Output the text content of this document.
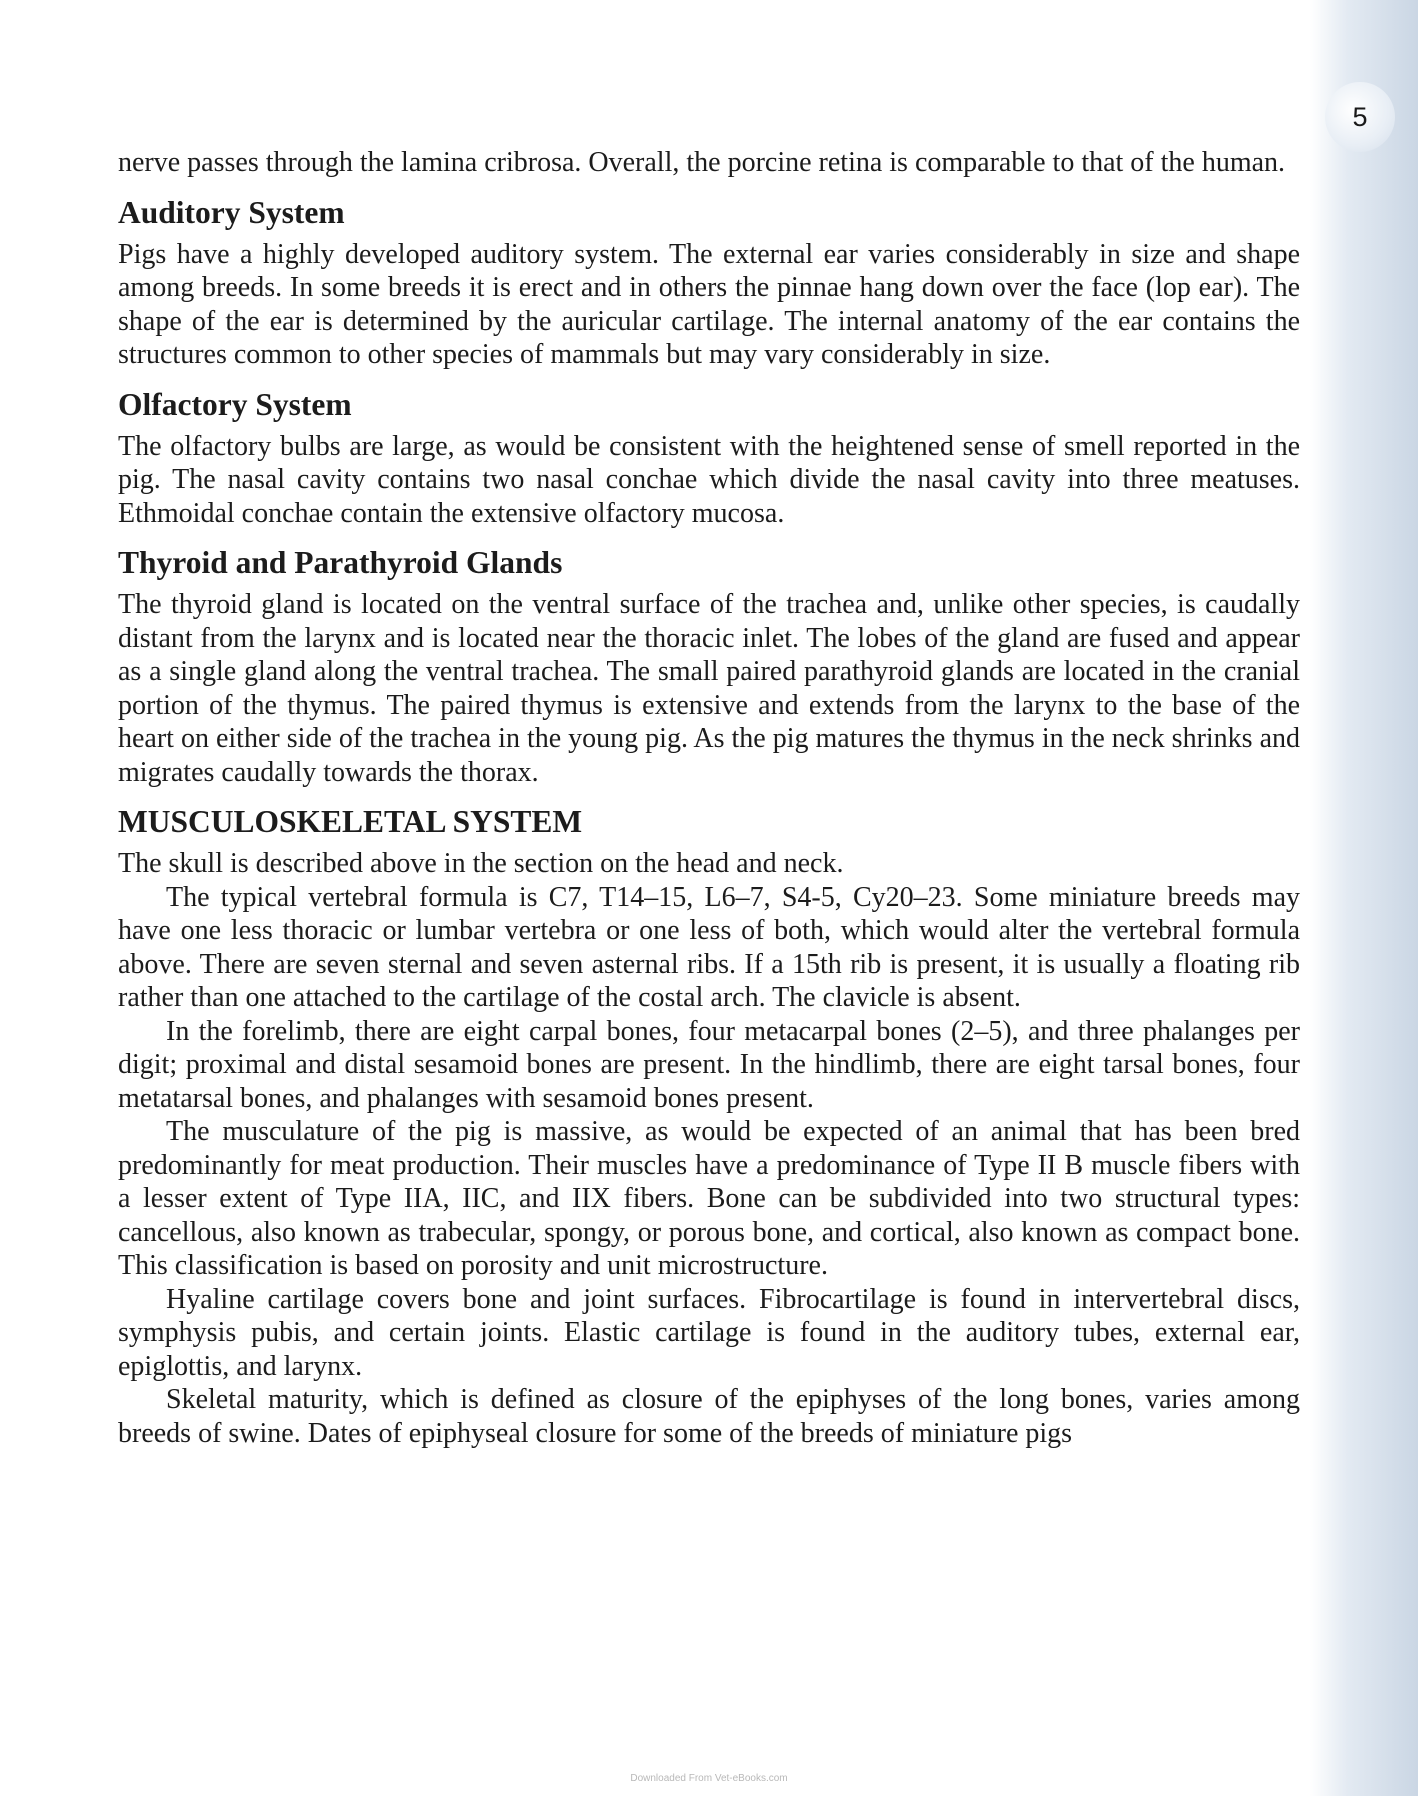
5

nerve passes through the lamina cribrosa. Overall, the porcine retina is comparable to that of the human.

Auditory System

Pigs have a highly developed auditory system. The external ear varies considerably in size and shape among breeds. In some breeds it is erect and in others the pinnae hang down over the face (lop ear). The shape of the ear is determined by the auricular cartilage. The internal anatomy of the ear contains the structures common to other species of mammals but may vary considerably in size.

Olfactory System

The olfactory bulbs are large, as would be consistent with the heightened sense of smell reported in the pig. The nasal cavity contains two nasal conchae which divide the nasal cavity into three meatuses. Ethmoidal conchae contain the extensive olfactory mucosa.

Thyroid and Parathyroid Glands

The thyroid gland is located on the ventral surface of the trachea and, unlike other species, is caudally distant from the larynx and is located near the thoracic inlet. The lobes of the gland are fused and appear as a single gland along the ventral trachea. The small paired parathyroid glands are located in the cranial portion of the thymus. The paired thymus is extensive and extends from the larynx to the base of the heart on either side of the trachea in the young pig. As the pig matures the thymus in the neck shrinks and migrates caudally towards the thorax.

MUSCULOSKELETAL SYSTEM

The skull is described above in the section on the head and neck.

The typical vertebral formula is C7, T14–15, L6–7, S4-5, Cy20–23. Some miniature breeds may have one less thoracic or lumbar vertebra or one less of both, which would alter the vertebral formula above. There are seven sternal and seven asternal ribs. If a 15th rib is present, it is usually a floating rib rather than one attached to the cartilage of the costal arch. The clavicle is absent.

In the forelimb, there are eight carpal bones, four metacarpal bones (2–5), and three phalanges per digit; proximal and distal sesamoid bones are present. In the hindlimb, there are eight tarsal bones, four metatarsal bones, and phalanges with sesamoid bones present.

The musculature of the pig is massive, as would be expected of an animal that has been bred predominantly for meat production. Their muscles have a predominance of Type II B muscle fibers with a lesser extent of Type IIA, IIC, and IIX fibers. Bone can be subdivided into two structural types: cancellous, also known as trabecular, spongy, or porous bone, and cortical, also known as compact bone. This classification is based on porosity and unit microstructure.

Hyaline cartilage covers bone and joint surfaces. Fibrocartilage is found in intervertebral discs, symphysis pubis, and certain joints. Elastic cartilage is found in the auditory tubes, external ear, epiglottis, and larynx.

Skeletal maturity, which is defined as closure of the epiphyses of the long bones, varies among breeds of swine. Dates of epiphyseal closure for some of the breeds of miniature pigs

Downloaded From Vet-eBooks.com
